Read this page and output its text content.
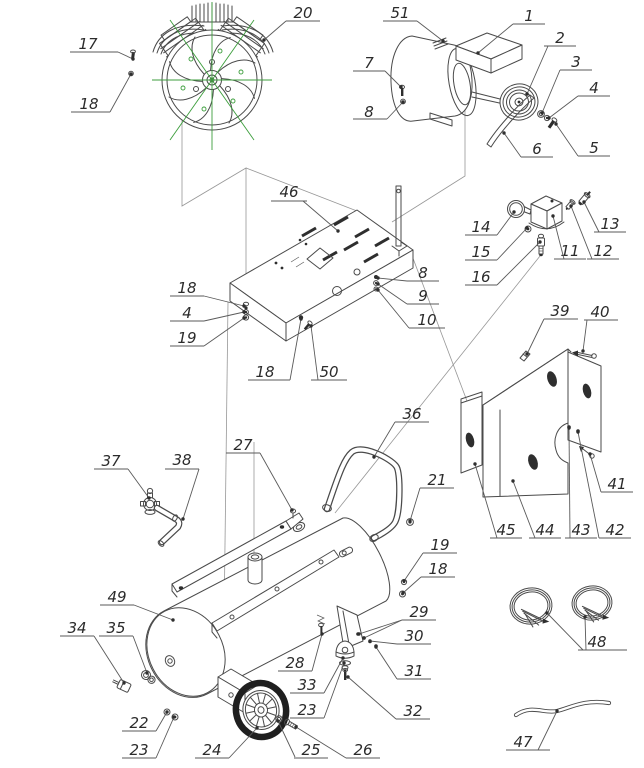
17
18
20	51	1
2
3
4
5
6
7
8
46
14
15
16
11 12
13
8
9
10
18
4
19
18	50
39 40
41
42
43
44
45
37	38
27
36
21
19
18
49
34 35
29
30
28	31
33
23	32
22
23	24	25 26
48
47
